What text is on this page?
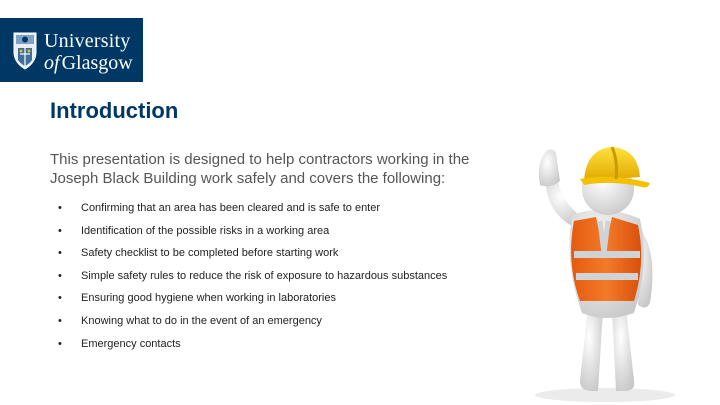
University
of Glasgow
Introduction

This presentation is designed to help contractors working in the Joseph Black Building work safely and covers the following:

• Confirming that an area has been cleared and is safe to enter
• Identification of the possible risks in a working area
• Safety checklist to be completed before starting work
• Simple safety rules to reduce the risk of exposure to hazardous substances
• Ensuring good hygiene when working in laboratories
• Knowing what to do in the event of an emergency
• Emergency contacts
